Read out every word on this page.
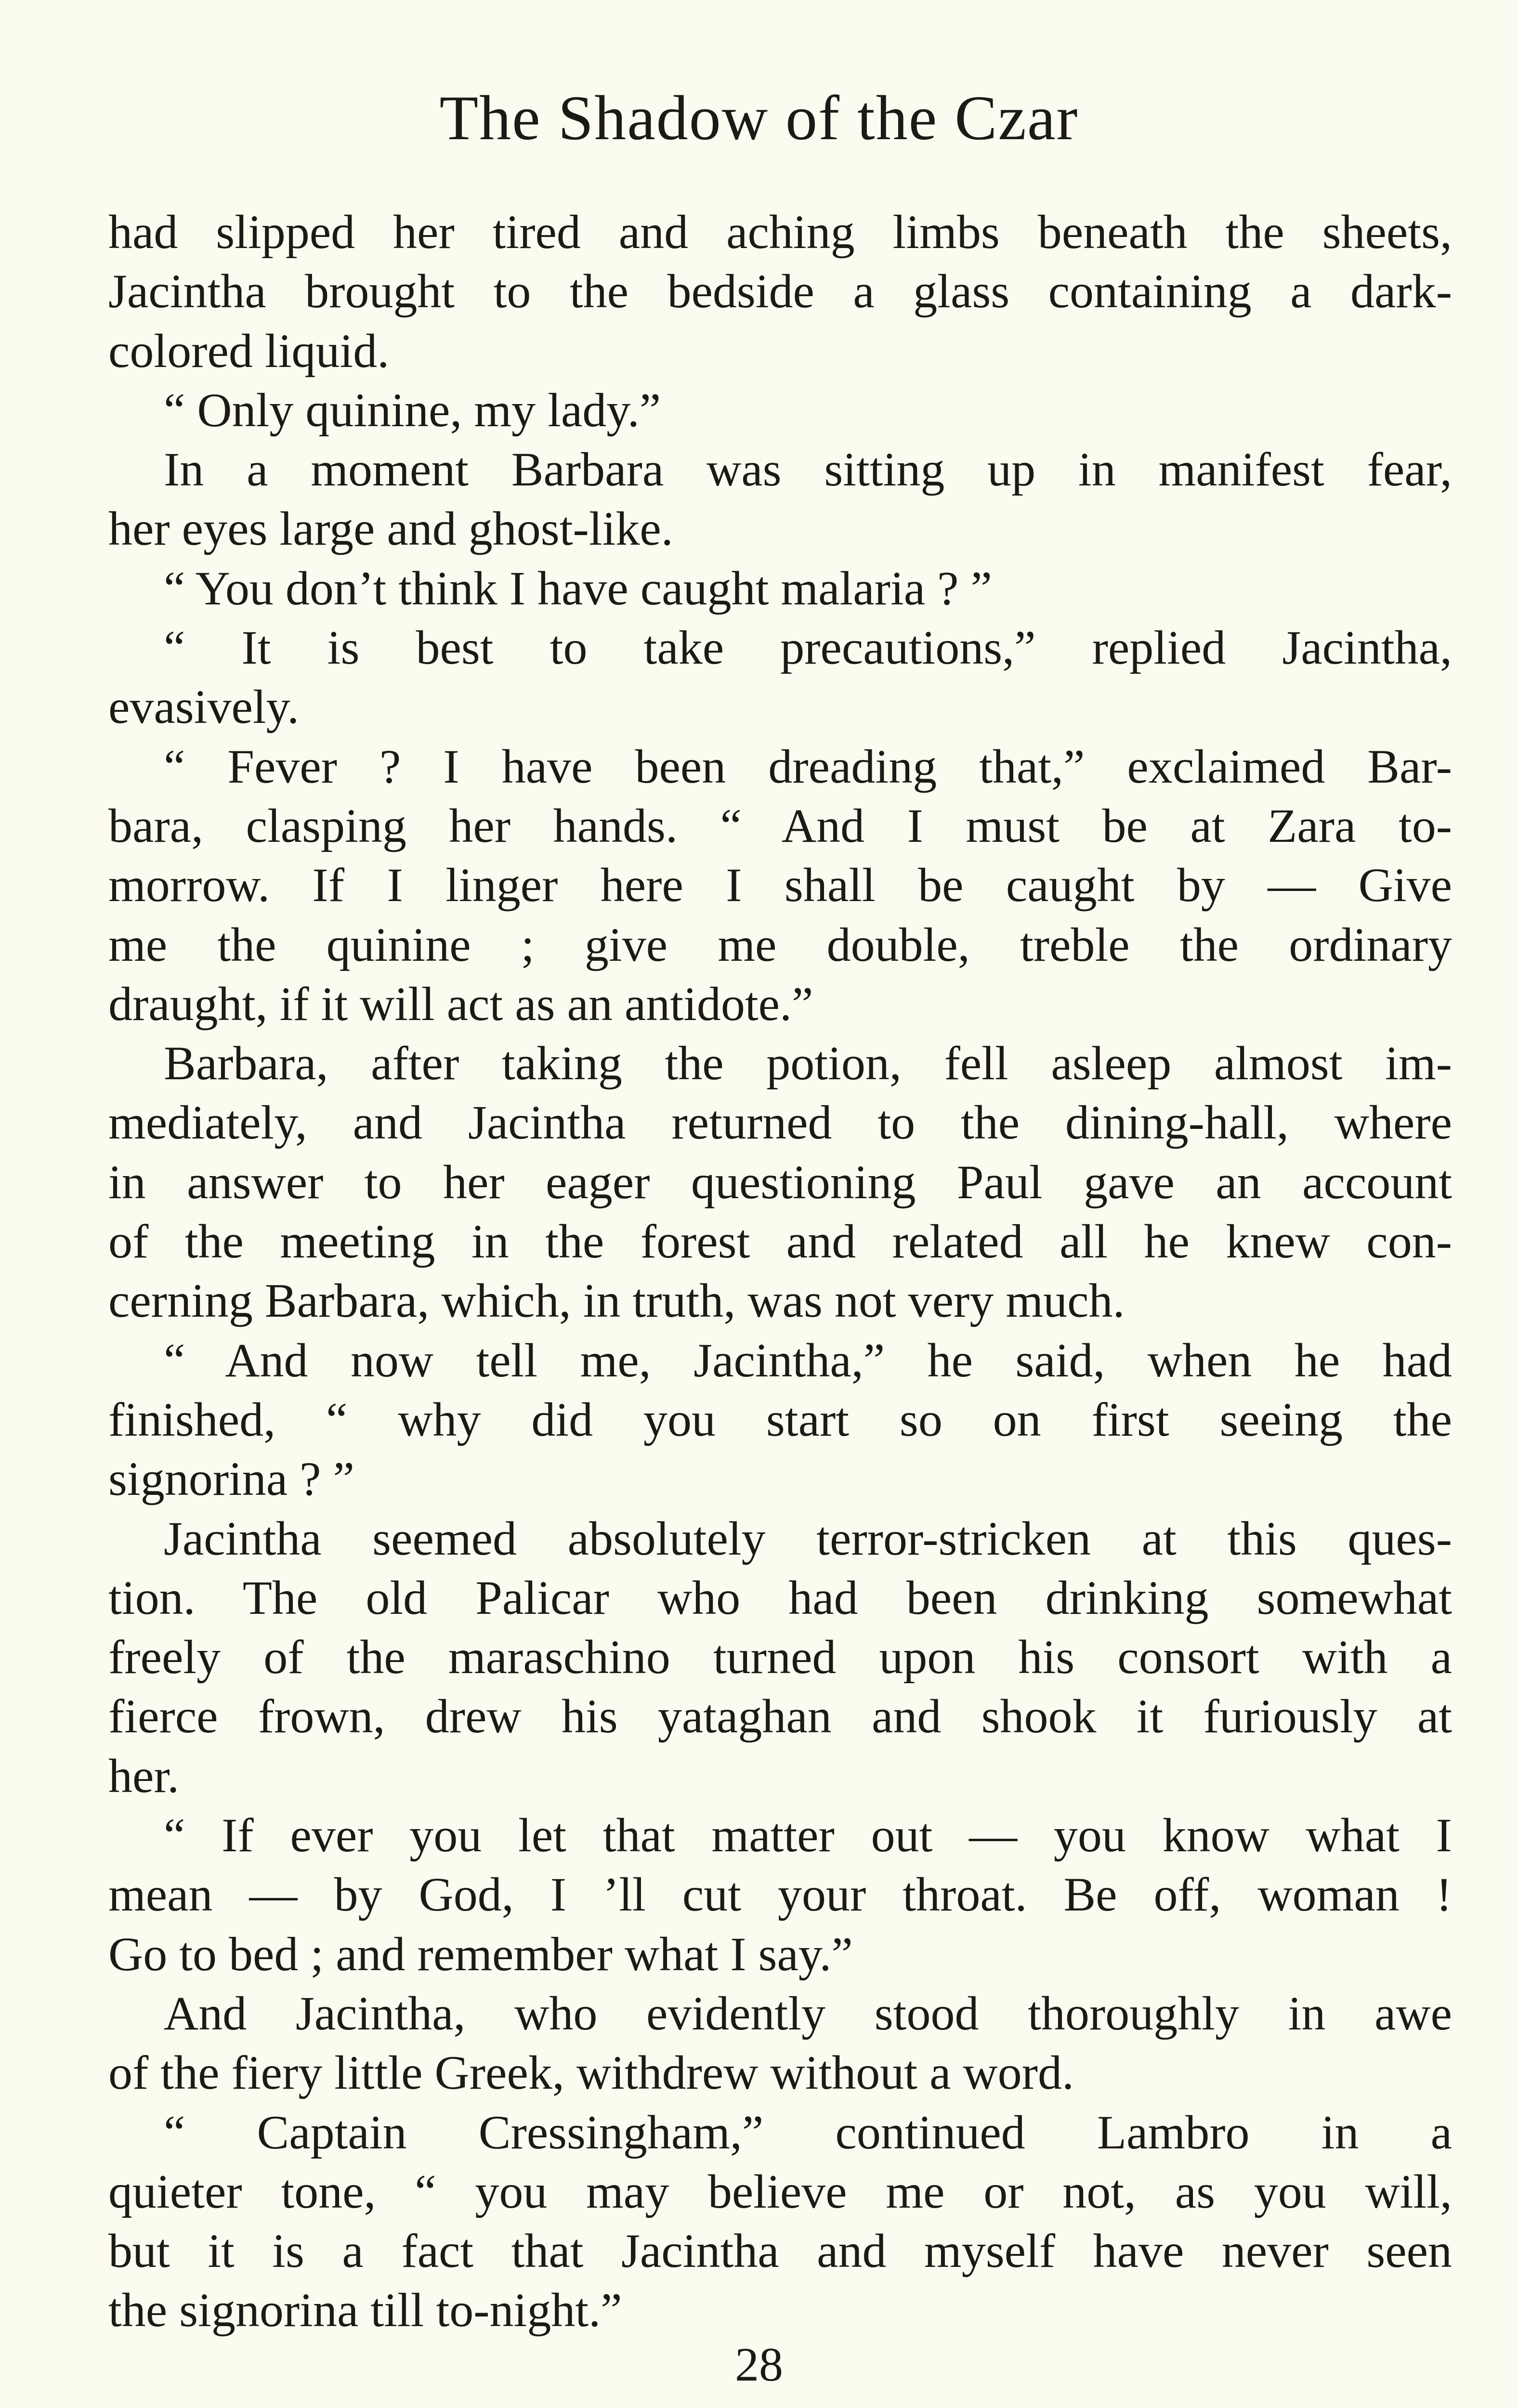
The Shadow of the Czar
had slipped her tired and aching limbs beneath the sheets,
Jacintha brought to the bedside a glass containing a dark-
colored liquid.
“ Only quinine, my lady.”
In a moment Barbara was sitting up in manifest fear,
her eyes large and ghost-like.
“ You don’t think I have caught malaria ? ”
“ It is best to take precautions,” replied Jacintha,
evasively.
“ Fever ? I have been dreading that,” exclaimed Bar-
bara, clasping her hands. “ And I must be at Zara to-
morrow. If I linger here I shall be caught by — Give
me the quinine ; give me double, treble the ordinary
draught, if it will act as an antidote.”
Barbara, after taking the potion, fell asleep almost im-
mediately, and Jacintha returned to the dining-hall, where
in answer to her eager questioning Paul gave an account
of the meeting in the forest and related all he knew con-
cerning Barbara, which, in truth, was not very much.
“ And now tell me, Jacintha,” he said, when he had
finished, “ why did you start so on first seeing the
signorina ? ”
Jacintha seemed absolutely terror-stricken at this ques-
tion. The old Palicar who had been drinking somewhat
freely of the maraschino turned upon his consort with a
fierce frown, drew his yataghan and shook it furiously at
her.
“ If ever you let that matter out — you know what I
mean — by God, I ’ll cut your throat. Be off, woman !
Go to bed ; and remember what I say.”
And Jacintha, who evidently stood thoroughly in awe
of the fiery little Greek, withdrew without a word.
“ Captain Cressingham,” continued Lambro in a
quieter tone, “ you may believe me or not, as you will,
but it is a fact that Jacintha and myself have never seen
the signorina till to-night.”
28
